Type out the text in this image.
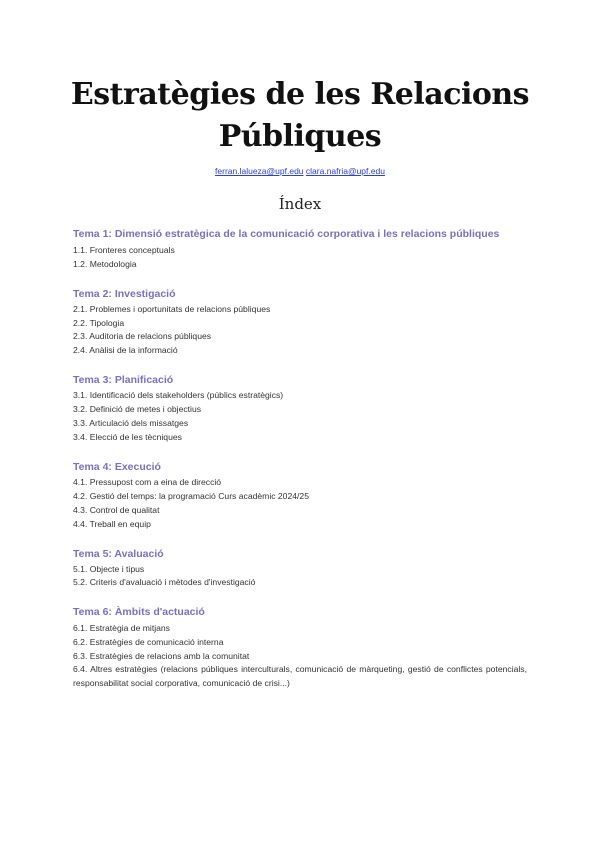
Estratègies de les Relacions
Públiques
ferran.lalueza@upf.edu clara.nafria@upf.edu
Índex
Tema 1: Dimensió estratègica de la comunicació corporativa i les relacions públiques
1.1. Fronteres conceptuals
1.2. Metodologia
Tema 2: Investigació
2.1. Problemes i oportunitats de relacions públiques
2.2. Tipologia
2.3. Auditoria de relacions públiques
2.4. Anàlisi de la informació
Tema 3: Planificació
3.1. Identificació dels stakeholders (públics estratègics)
3.2. Definició de metes i objectius
3.3. Articulació dels missatges
3.4. Elecció de les tècniques
Tema 4: Execució
4.1. Pressupost com a eina de direcció
4.2. Gestió del temps: la programació Curs acadèmic 2024/25
4.3. Control de qualitat
4.4. Treball en equip
Tema 5: Avaluació
5.1. Objecte i tipus
5.2. Criteris d'avaluació i mètodes d'investigació
Tema 6: Àmbits d'actuació
6.1. Estratègia de mitjans
6.2. Estratègies de comunicació interna
6.3. Estratègies de relacions amb la comunitat
6.4. Altres estratègies (relacions públiques interculturals, comunicació de màrqueting, gestió de conflictes potencials, responsabilitat social corporativa, comunicació de crisi...)
